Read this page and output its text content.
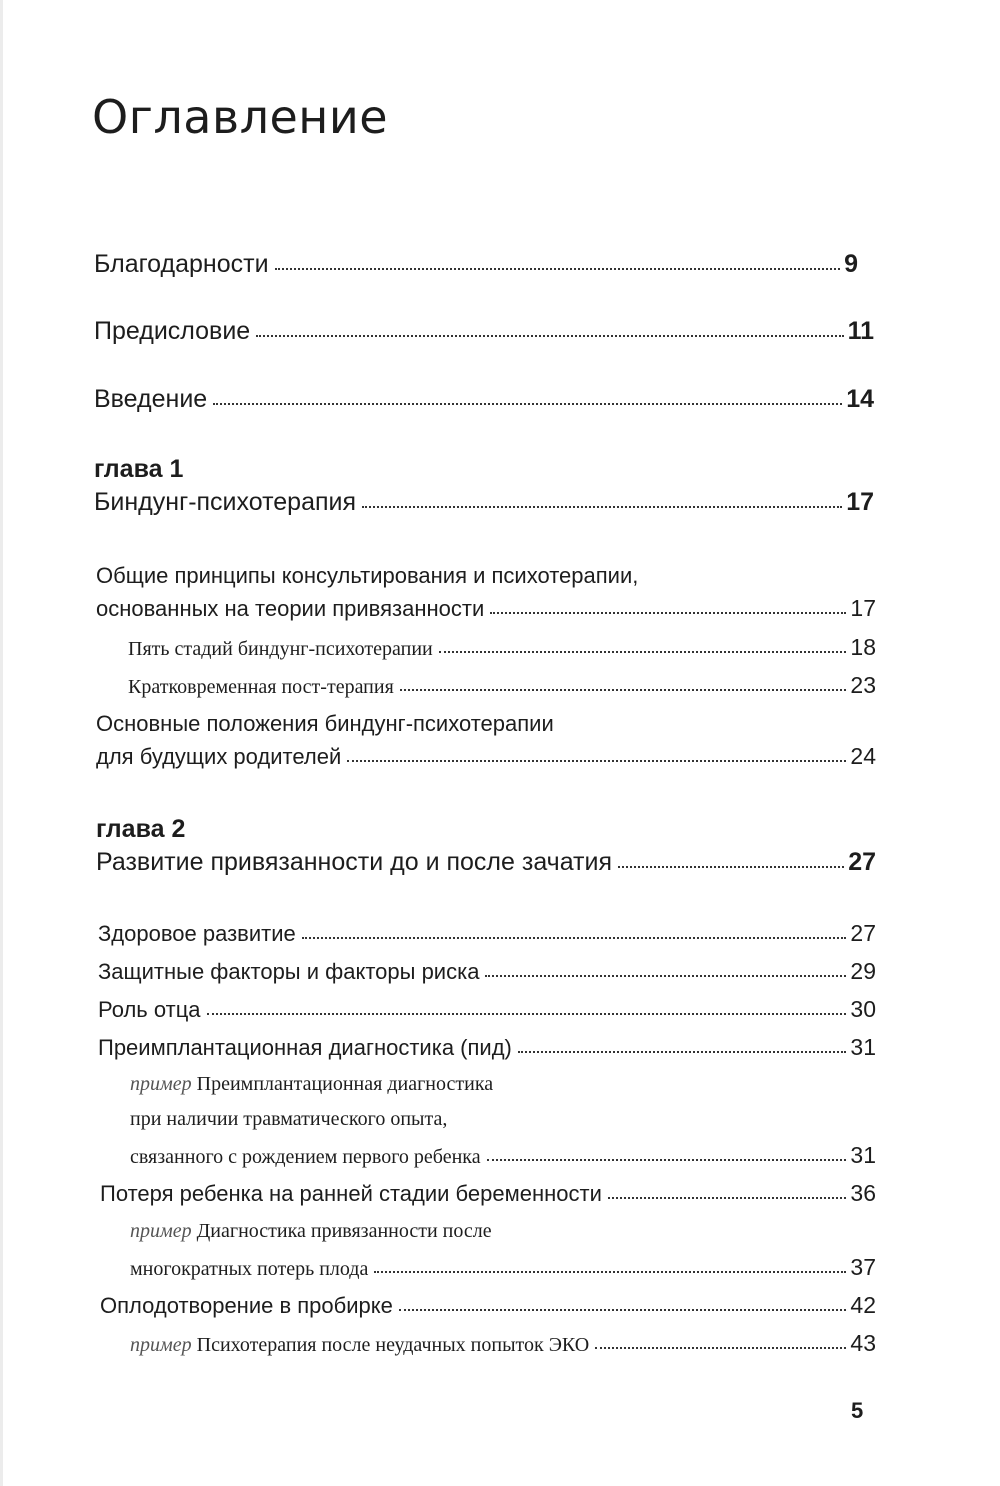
Оглавление
Благодарности	9
Предисловие	11
Введение	14
глава 1
Биндунг-психотерапия	17
Общие принципы консультирования и психотерапии,
основанных на теории привязанности	17
Пять стадий биндунг-психотерапии	18
Кратковременная пост-терапия	23
Основные положения биндунг-психотерапии
для будущих родителей	24
глава 2
Развитие привязанности до и после зачатия	27
Здоровое развитие	27
Защитные факторы и факторы риска	29
Роль отца	30
Преимплантационная диагностика (пид)	31
пример Преимплантационная диагностика
при наличии травматического опыта,
связанного с рождением первого ребенка	31
Потеря ребенка на ранней стадии беременности	36
пример Диагностика привязанности после
многократных потерь плода	37
Оплодотворение в пробирке	42
пример Психотерапия после неудачных попыток ЭКО	43
5
